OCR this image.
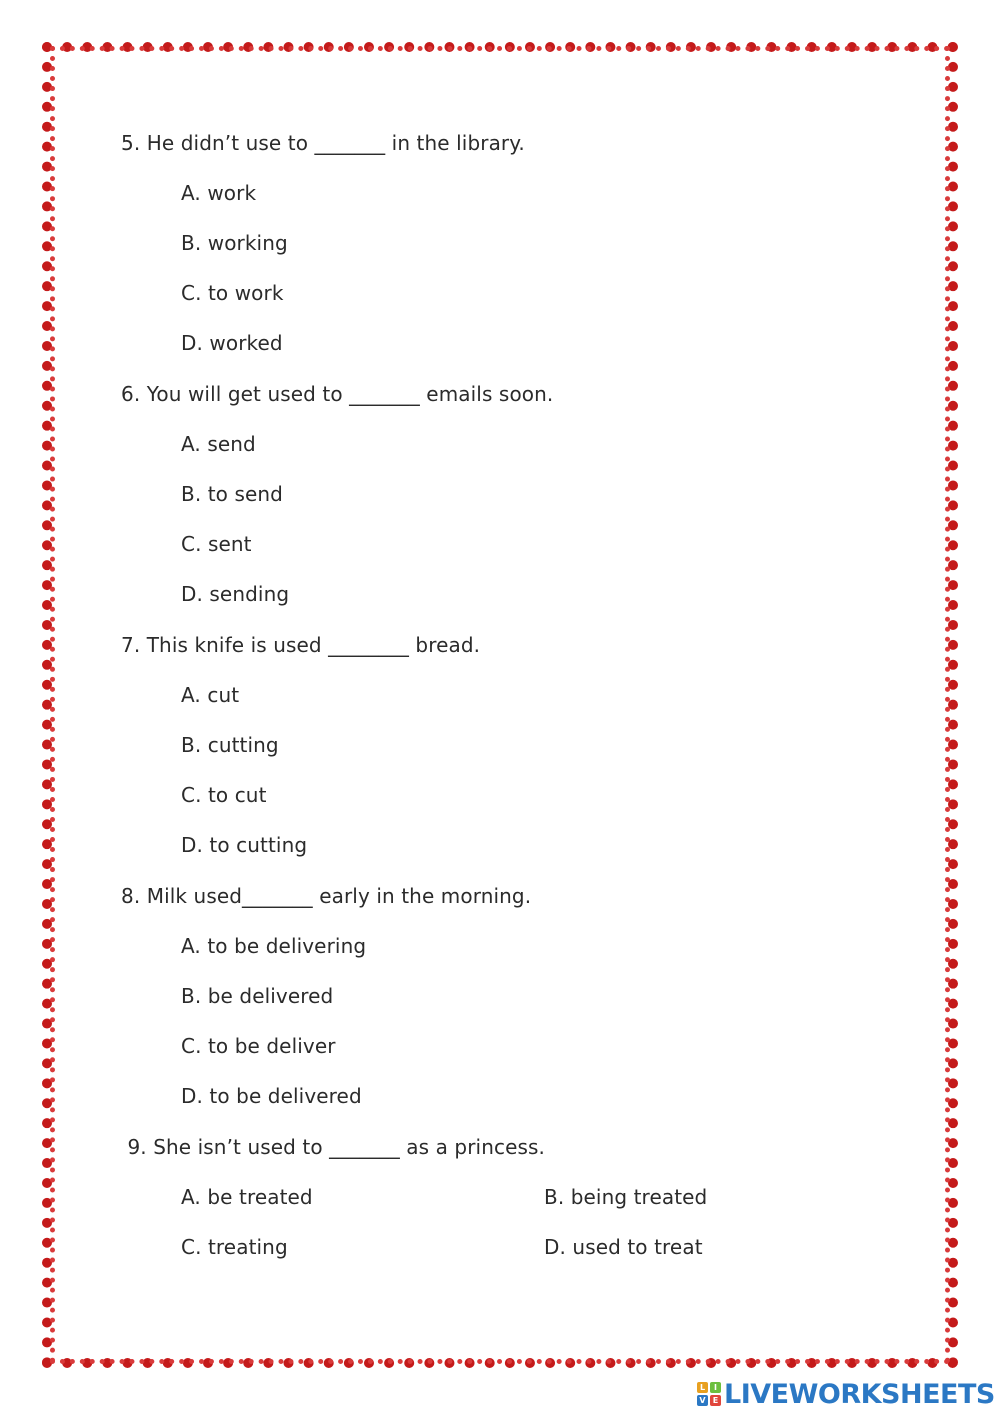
5. He didn’t use to _______ in the library.
A. work
B. working
C. to work
D. worked
6. You will get used to _______ emails soon.
A. send
B. to send
C. sent
D. sending
7. This knife is used ________ bread.
A. cut
B. cutting
C. to cut
D. to cutting
8. Milk used_______ early in the morning.
A. to be delivering
B. be delivered
C. to be deliver
D. to be delivered
9. She isn’t used to _______ as a princess.
A. be treated	B. being treated
C. treating	D. used to treat
L	I
V E LIVEWORKSHEETS
